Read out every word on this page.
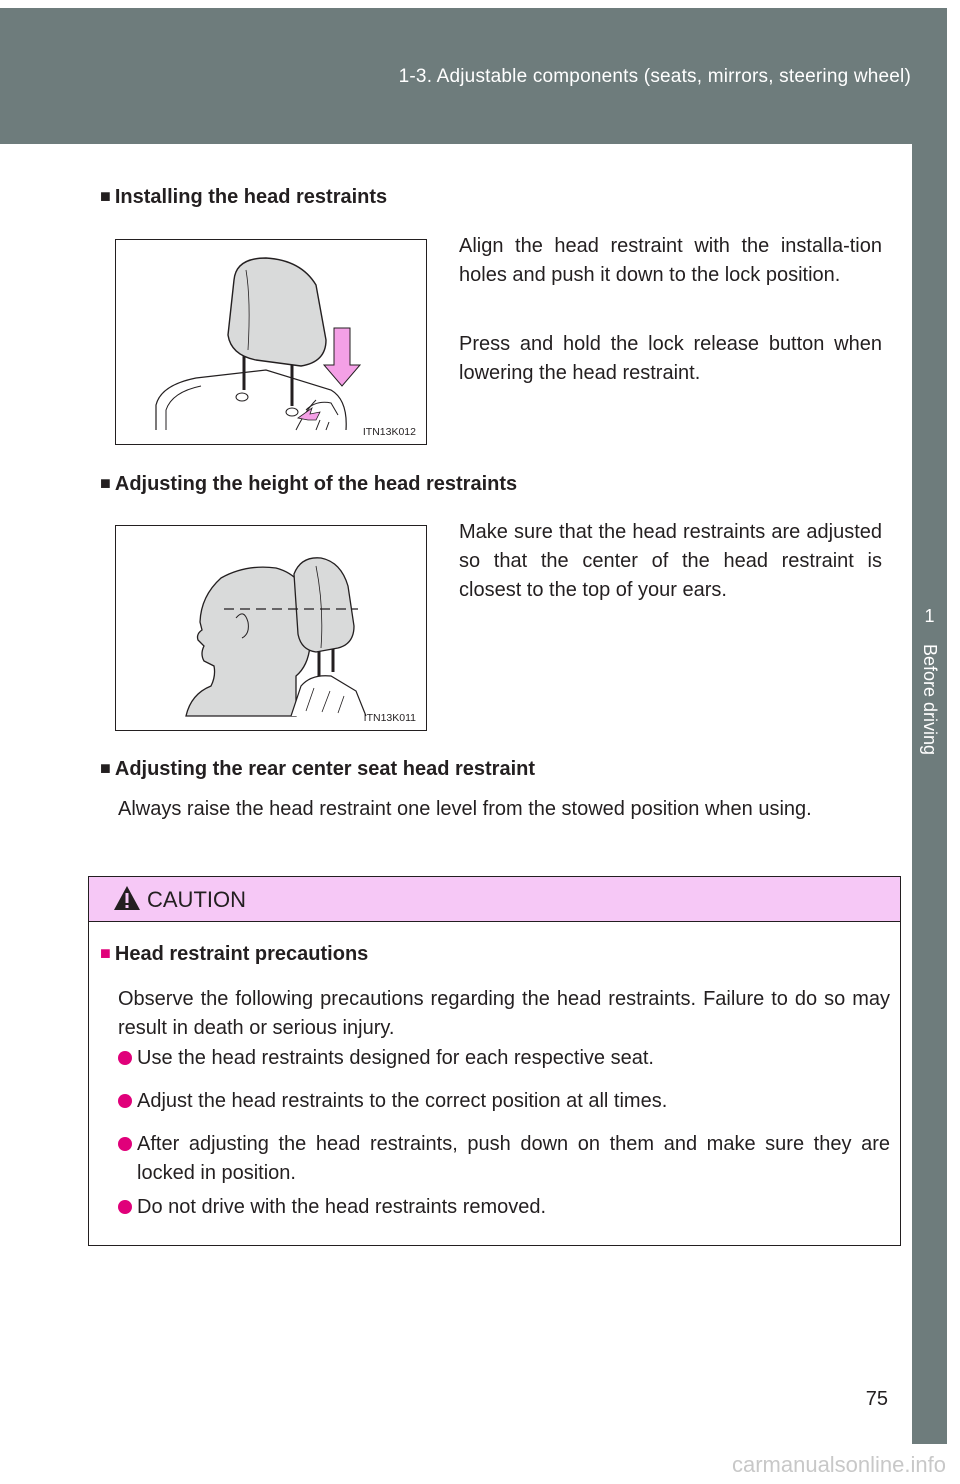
1-3. Adjustable components (seats, mirrors, steering wheel)
1
Before driving
■ Installing the head restraints
ITN13K012

Align the head restraint with the installa-tion holes and push it down to the lock position.

Press and hold the lock release button when lowering the head restraint.

■ Adjusting the height of the head restraints
ITN13K011

Make sure that the head restraints are adjusted so that the center of the head restraint is closest to the top of your ears.

■ Adjusting the rear center seat head restraint

Always raise the head restraint one level from the stowed position when using.

CAUTION
■ Head restraint precautions

Observe the following precautions regarding the head restraints. Failure to do so may result in death or serious injury.

Use the head restraints designed for each respective seat.

Adjust the head restraints to the correct position at all times.

After adjusting the head restraints, push down on them and make sure they are locked in position.

Do not drive with the head restraints removed.

75
carmanualsonline.info
